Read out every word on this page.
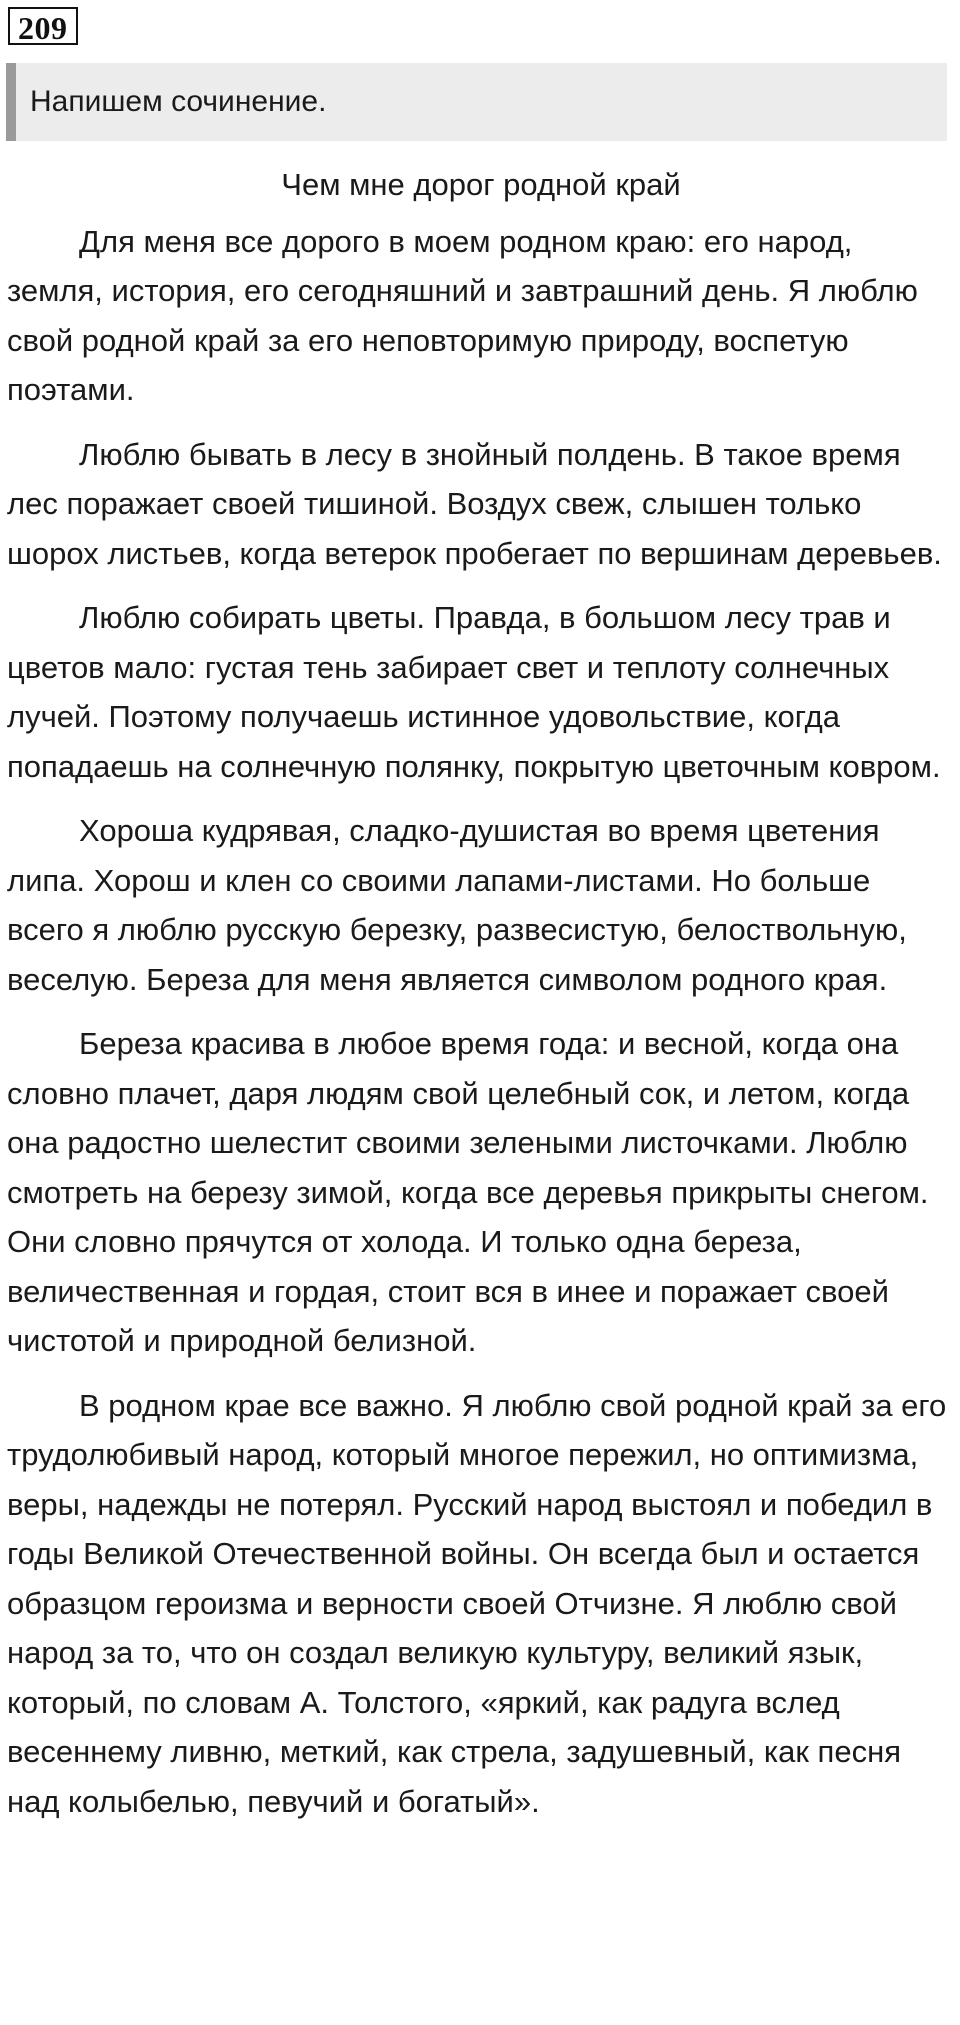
209
Напишем сочинение.
Чем мне дорог родной край

Для меня все дорого в моем родном краю: его народ, земля, история, его сегодняшний и завтрашний день. Я люблю свой родной край за его неповторимую природу, воспетую поэтами.

Люблю бывать в лесу в знойный полдень. В такое время лес поражает своей тишиной. Воздух свеж, слышен только шорох листьев, когда ветерок пробегает по вершинам деревьев.

Люблю собирать цветы. Правда, в большом лесу трав и цветов мало: густая тень забирает свет и теплоту солнечных лучей. Поэтому получаешь истинное удовольствие, когда попадаешь на солнечную полянку, покрытую цветочным ковром.

Хороша кудрявая, сладко-душистая во время цветения липа. Хорош и клен со своими лапами-листами. Но больше всего я люблю русскую березку, развесистую, белоствольную, веселую. Береза для меня является символом родного края.

Береза красива в любое время года: и весной, когда она словно плачет, даря людям свой целебный сок, и летом, когда она радостно шелестит своими зелеными листочками. Люблю смотреть на березу зимой, когда все деревья прикрыты снегом. Они словно прячутся от холода. И только одна береза, величественная и гордая, стоит вся в инее и поражает своей чистотой и природной белизной.

В родном крае все важно. Я люблю свой родной край за его трудолюбивый народ, который многое пережил, но оптимизма, веры, надежды не потерял. Русский народ выстоял и победил в годы Великой Отечественной войны. Он всегда был и остается образцом героизма и верности своей Отчизне. Я люблю свой народ за то, что он создал великую культуру, великий язык, который, по словам А. Толстого, «яркий, как радуга вслед весеннему ливню, меткий, как стрела, задушевный, как песня над колыбелью, певучий и богатый».
